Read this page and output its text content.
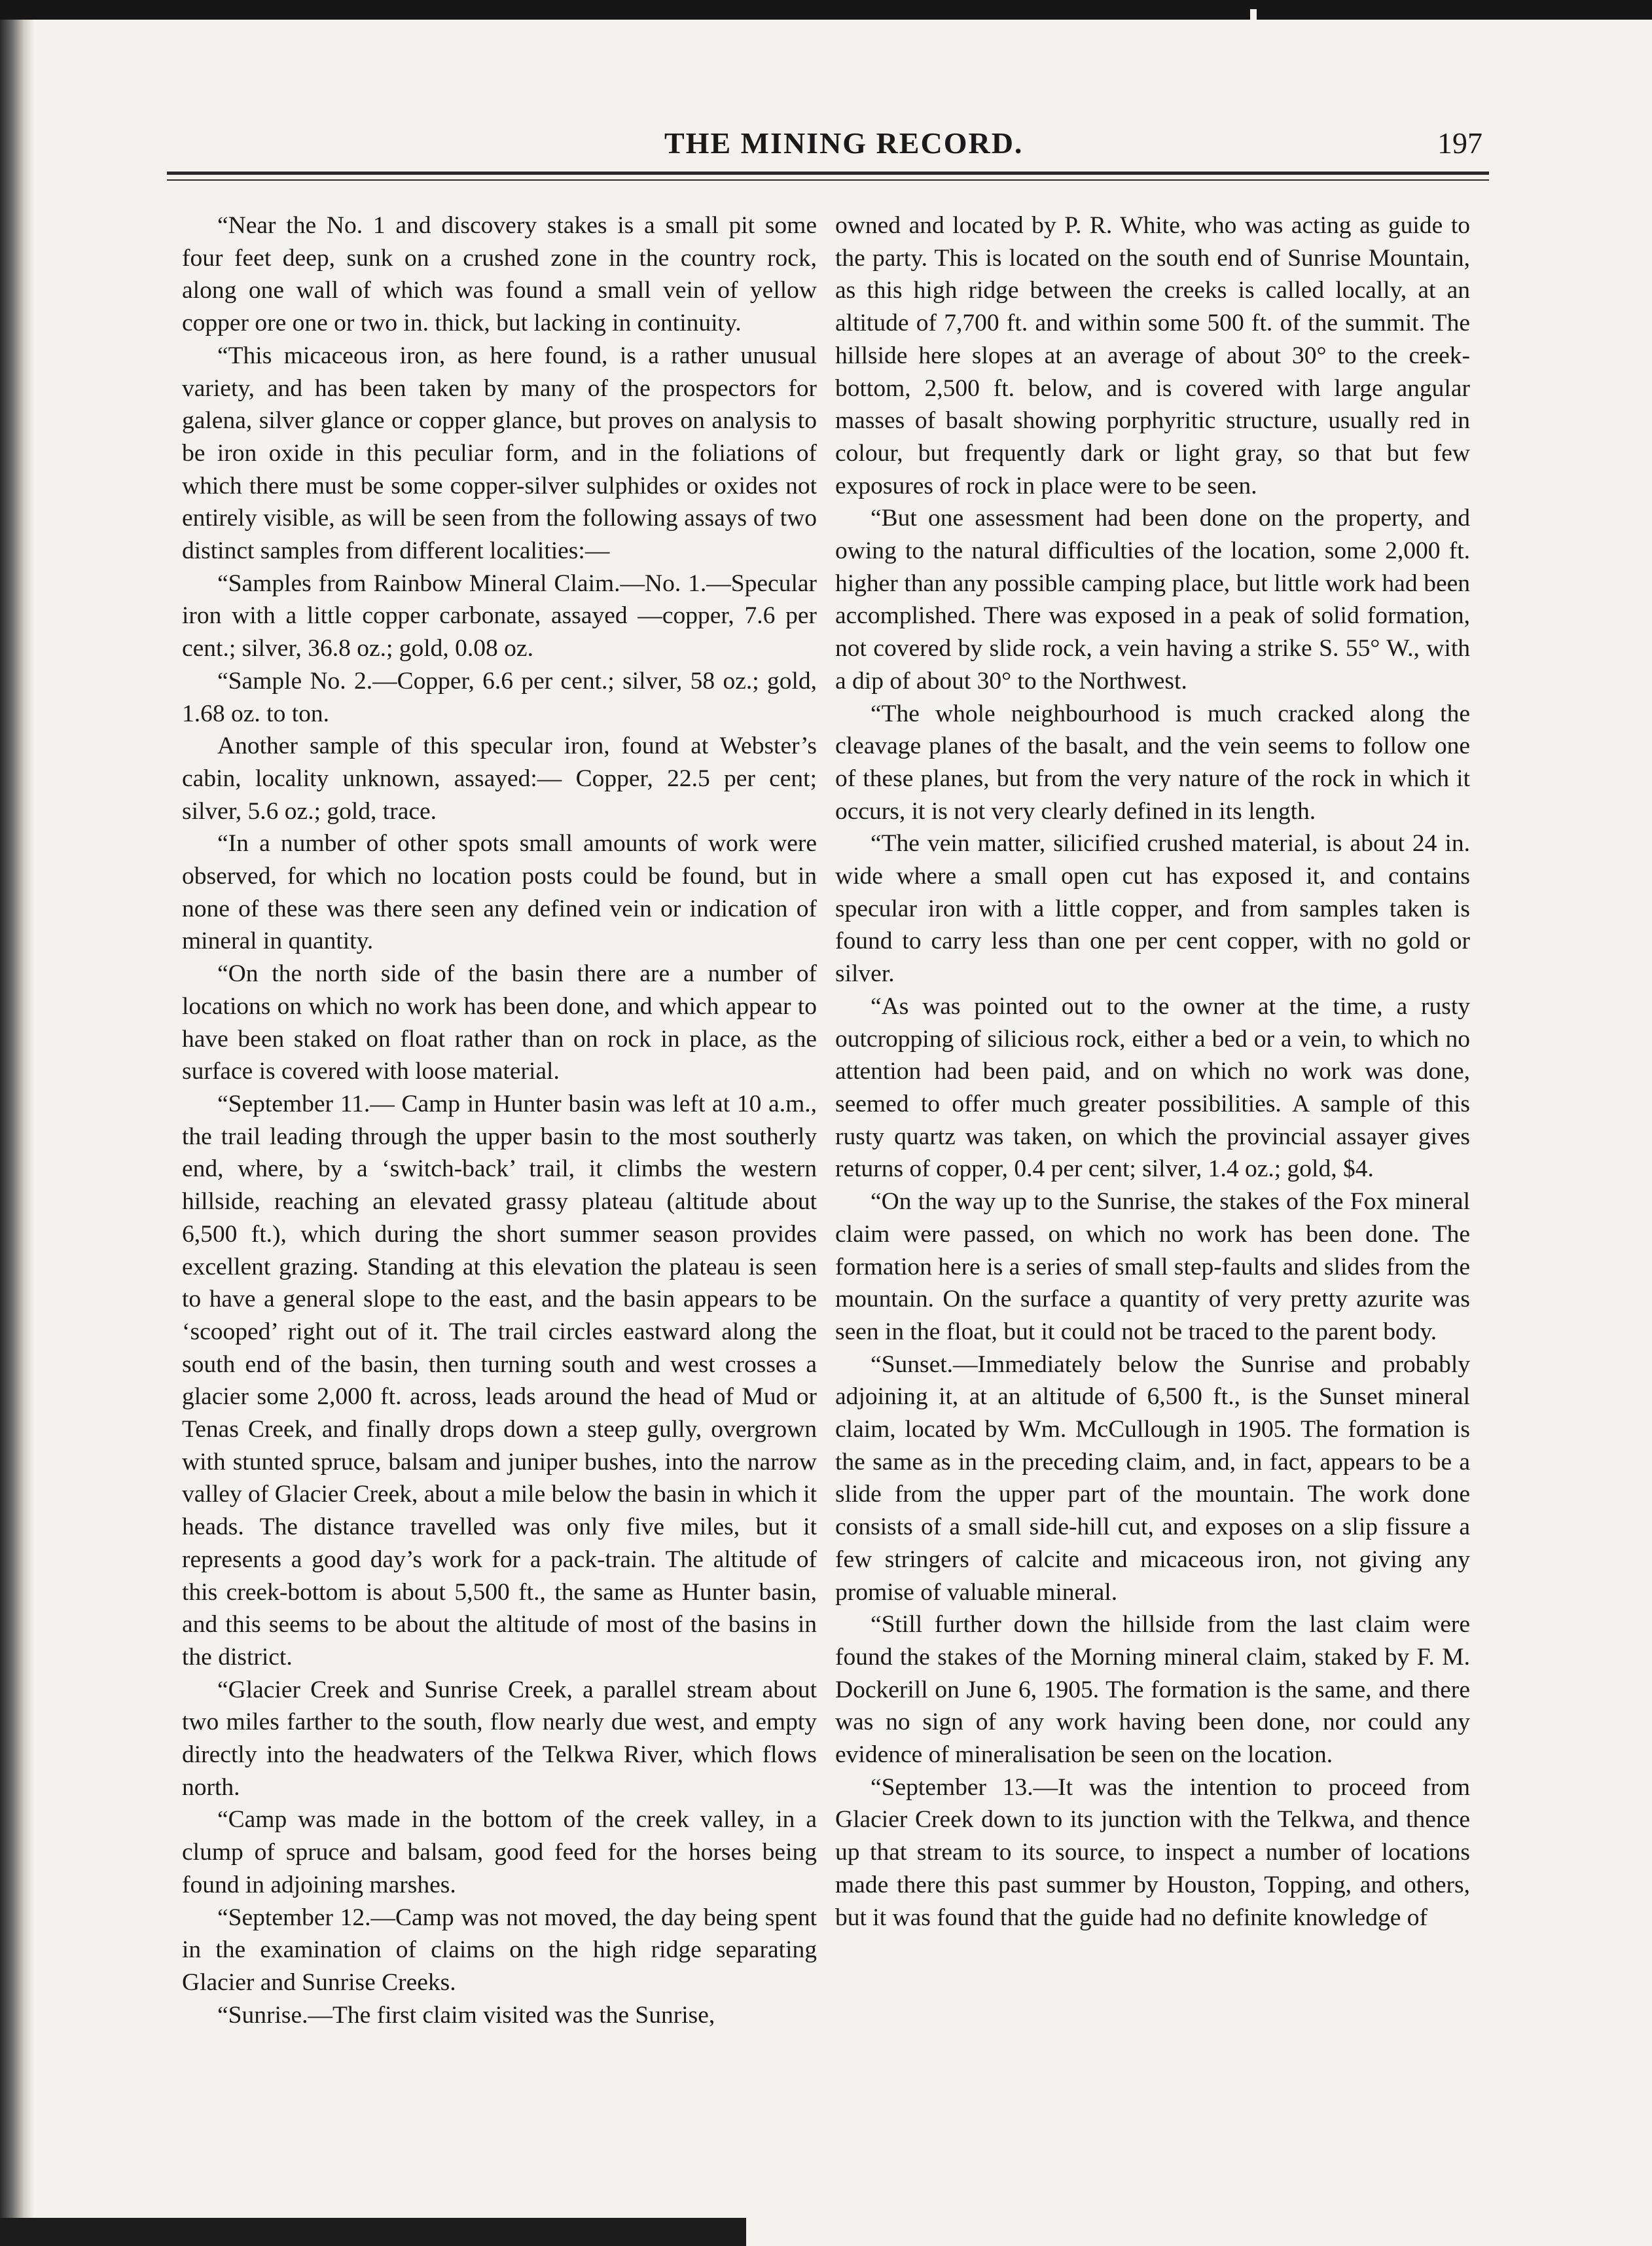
THE MINING RECORD.	197

“Near the No. 1 and discovery stakes is a small pit some four feet deep, sunk on a crushed zone in the country rock, along one wall of which was found a small vein of yellow copper ore one or two in. thick, but lacking in continuity.

“This micaceous iron, as here found, is a rather unusual variety, and has been taken by many of the prospectors for galena, silver glance or copper glance, but proves on analysis to be iron oxide in this peculiar form, and in the foliations of which there must be some copper-silver sulphides or oxides not entirely visible, as will be seen from the following assays of two distinct samples from different localities:—

“Samples from Rainbow Mineral Claim.—No. 1.—Specular iron with a little copper carbonate, assayed —copper, 7.6 per cent.; silver, 36.8 oz.; gold, 0.08 oz.

“Sample No. 2.—Copper, 6.6 per cent.; silver, 58 oz.; gold, 1.68 oz. to ton.

Another sample of this specular iron, found at Webster’s cabin, locality unknown, assayed:— Copper, 22.5 per cent; silver, 5.6 oz.; gold, trace.

“In a number of other spots small amounts of work were observed, for which no location posts could be found, but in none of these was there seen any defined vein or indication of mineral in quantity.

“On the north side of the basin there are a number of locations on which no work has been done, and which appear to have been staked on float rather than on rock in place, as the surface is covered with loose material.

“September 11.— Camp in Hunter basin was left at 10 a.m., the trail leading through the upper basin to the most southerly end, where, by a ‘switch-back’ trail, it climbs the western hillside, reaching an elevated grassy plateau (altitude about 6,500 ft.), which during the short summer season provides excellent grazing. Standing at this elevation the plateau is seen to have a general slope to the east, and the basin appears to be ‘scooped’ right out of it. The trail circles eastward along the south end of the basin, then turning south and west crosses a glacier some 2,000 ft. across, leads around the head of Mud or Tenas Creek, and finally drops down a steep gully, overgrown with stunted spruce, balsam and juniper bushes, into the narrow valley of Glacier Creek, about a mile below the basin in which it heads. The distance travelled was only five miles, but it represents a good day’s work for a pack-train. The altitude of this creek-bottom is about 5,500 ft., the same as Hunter basin, and this seems to be about the altitude of most of the basins in the district.

“Glacier Creek and Sunrise Creek, a parallel stream about two miles farther to the south, flow nearly due west, and empty directly into the headwaters of the Telkwa River, which flows north.

“Camp was made in the bottom of the creek valley, in a clump of spruce and balsam, good feed for the horses being found in adjoining marshes.

“September 12.—Camp was not moved, the day being spent in the examination of claims on the high ridge separating Glacier and Sunrise Creeks.

“Sunrise.—The first claim visited was the Sunrise,

owned and located by P. R. White, who was acting as guide to the party. This is located on the south end of Sunrise Mountain, as this high ridge between the creeks is called locally, at an altitude of 7,700 ft. and within some 500 ft. of the summit. The hillside here slopes at an average of about 30° to the creek-bottom, 2,500 ft. below, and is covered with large angular masses of basalt showing porphyritic structure, usually red in colour, but frequently dark or light gray, so that but few exposures of rock in place were to be seen.

“But one assessment had been done on the property, and owing to the natural difficulties of the location, some 2,000 ft. higher than any possible camping place, but little work had been accomplished. There was exposed in a peak of solid formation, not covered by slide rock, a vein having a strike S. 55° W., with a dip of about 30° to the Northwest.

“The whole neighbourhood is much cracked along the cleavage planes of the basalt, and the vein seems to follow one of these planes, but from the very nature of the rock in which it occurs, it is not very clearly defined in its length.

“The vein matter, silicified crushed material, is about 24 in. wide where a small open cut has exposed it, and contains specular iron with a little copper, and from samples taken is found to carry less than one per cent copper, with no gold or silver.

“As was pointed out to the owner at the time, a rusty outcropping of silicious rock, either a bed or a vein, to which no attention had been paid, and on which no work was done, seemed to offer much greater possibilities. A sample of this rusty quartz was taken, on which the provincial assayer gives returns of copper, 0.4 per cent; silver, 1.4 oz.; gold, $4.

“On the way up to the Sunrise, the stakes of the Fox mineral claim were passed, on which no work has been done. The formation here is a series of small step-faults and slides from the mountain. On the surface a quantity of very pretty azurite was seen in the float, but it could not be traced to the parent body.

“Sunset.—Immediately below the Sunrise and probably adjoining it, at an altitude of 6,500 ft., is the Sunset mineral claim, located by Wm. McCullough in 1905. The formation is the same as in the preceding claim, and, in fact, appears to be a slide from the upper part of the mountain. The work done consists of a small side-hill cut, and exposes on a slip fissure a few stringers of calcite and micaceous iron, not giving any promise of valuable mineral.

“Still further down the hillside from the last claim were found the stakes of the Morning mineral claim, staked by F. M. Dockerill on June 6, 1905. The formation is the same, and there was no sign of any work having been done, nor could any evidence of mineralisation be seen on the location.

“September 13.—It was the intention to proceed from Glacier Creek down to its junction with the Telkwa, and thence up that stream to its source, to inspect a number of locations made there this past summer by Houston, Topping, and others, but it was found that the guide had no definite knowledge of
